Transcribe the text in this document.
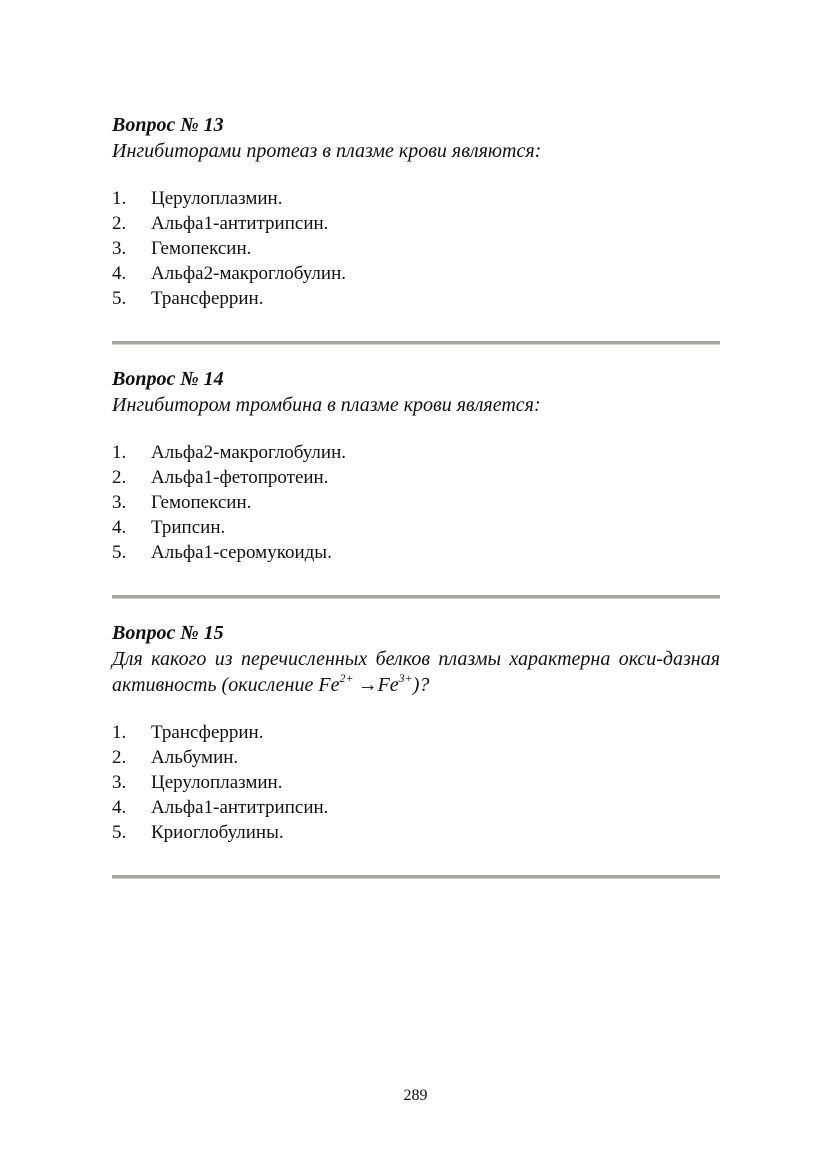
Вопрос № 13

Ингибиторами протеаз в плазме крови являются:

1.	Церулоплазмин.
2.	Альфа1-антитрипсин.
3.	Гемопексин.
4.	Альфа2-макроглобулин.
5.	Трансферрин.

Вопрос № 14

Ингибитором тромбина в плазме крови является:

1.	Альфа2-макроглобулин.
2.	Альфа1-фетопротеин.
3.	Гемопексин.
4.	Трипсин.
5.	Альфа1-серомукоиды.

Вопрос № 15

Для какого из перечисленных белков плазмы характерна окси-дазная активность (окисление $Fe^{2+} \to Fe^{3+}$)?

1.	Трансферрин.
2.	Альбумин.
3.	Церулоплазмин.
4.	Альфа1-антитрипсин.
5.	Криоглобулины.
289
